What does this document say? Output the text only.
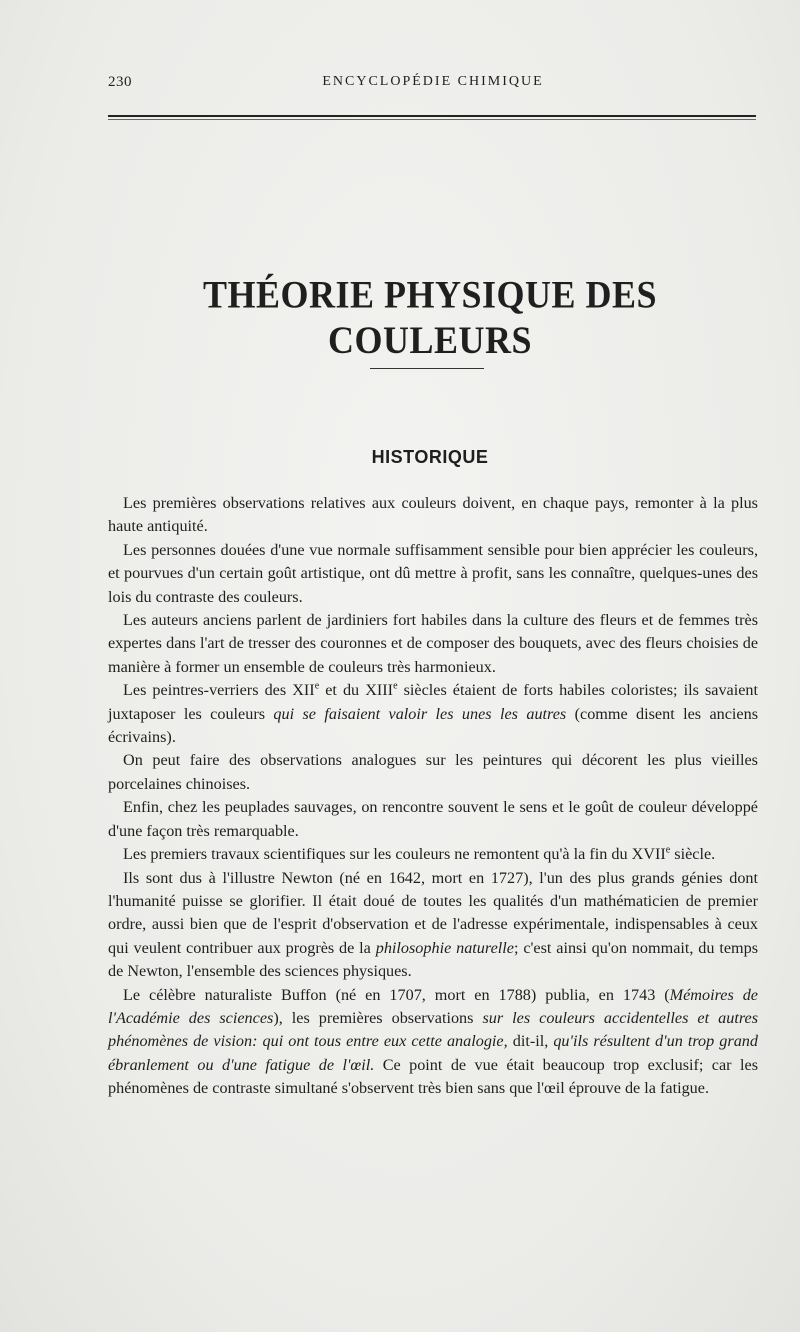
230	ENCYCLOPÉDIE CHIMIQUE
THÉORIE PHYSIQUE DES COULEURS
HISTORIQUE

Les premières observations relatives aux couleurs doivent, en chaque pays, remonter à la plus haute antiquité.

Les personnes douées d'une vue normale suffisamment sensible pour bien apprécier les couleurs, et pourvues d'un certain goût artistique, ont dû mettre à profit, sans les connaître, quelques-unes des lois du contraste des couleurs.

Les auteurs anciens parlent de jardiniers fort habiles dans la culture des fleurs et de femmes très expertes dans l'art de tresser des couronnes et de composer des bouquets, avec des fleurs choisies de manière à former un ensemble de couleurs très harmonieux.

Les peintres-verriers des XIIe et du XIIIe siècles étaient de forts habiles coloristes; ils savaient juxtaposer les couleurs qui se faisaient valoir les unes les autres (comme disent les anciens écrivains).

On peut faire des observations analogues sur les peintures qui décorent les plus vieilles porcelaines chinoises.

Enfin, chez les peuplades sauvages, on rencontre souvent le sens et le goût de couleur développé d'une façon très remarquable.

Les premiers travaux scientifiques sur les couleurs ne remontent qu'à la fin du XVIIe siècle.

Ils sont dus à l'illustre Newton (né en 1642, mort en 1727), l'un des plus grands génies dont l'humanité puisse se glorifier. Il était doué de toutes les qualités d'un mathématicien de premier ordre, aussi bien que de l'esprit d'observation et de l'adresse expérimentale, indispensables à ceux qui veulent contribuer aux progrès de la philosophie naturelle; c'est ainsi qu'on nommait, du temps de Newton, l'ensemble des sciences physiques.

Le célèbre naturaliste Buffon (né en 1707, mort en 1788) publia, en 1743 (Mémoires de l'Académie des sciences), les premières observations sur les couleurs accidentelles et autres phénomènes de vision: qui ont tous entre eux cette analogie, dit-il, qu'ils résultent d'un trop grand ébranlement ou d'une fatigue de l'œil. Ce point de vue était beaucoup trop exclusif; car les phénomènes de contraste simultané s'observent très bien sans que l'œil éprouve de la fatigue.
